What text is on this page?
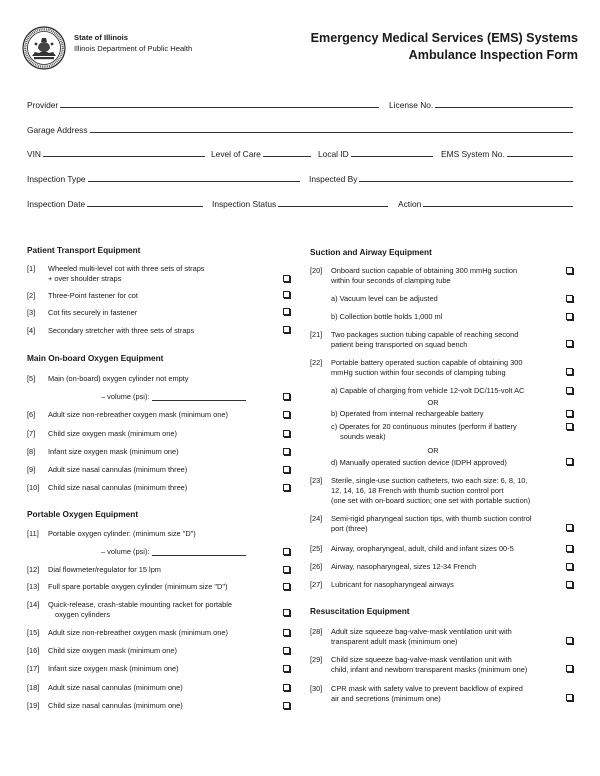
State of Illinois
Illinois Department of Public Health
Emergency Medical Services (EMS) Systems
Ambulance Inspection Form
Provider	License No.
Garage Address
VIN	Level of Care	Local ID	EMS System No.
Inspection Type	Inspected By
Inspection Date	Inspection Status	Action
Patient Transport Equipment
[1]	Wheeled multi-level cot with three sets of straps
+ over shoulder straps
[2]	Three-Point fastener for cot
[3]	Cot fits securely in fastener
[4]	Secondary stretcher with three sets of straps
Main On-board Oxygen Equipment
[5]	Main (on-board) oxygen cylinder not empty
– volume (psi):
[6]	Adult size non-rebreather oxygen mask (minimum one)
[7]	Child size oxygen mask (minimum one)
[8]	Infant size oxygen mask (minimum one)
[9]	Adult size nasal cannulas (minimum three)
[10]	Child size nasal cannulas (minimum three)
Portable Oxygen Equipment
[11]	Portable oxygen cylinder: (minimum size "D")
– volume (psi):
[12]	Dial flowmeter/regulator for 15 lpm
[13]	Full spare portable oxygen cylinder (minimum size "D")
[14]	Quick-release, crash-stable mounting racket for portable
oxygen cylinders
[15]	Adult size non-rebreather oxygen mask (minimum one)
[16]	Child size oxygen mask (minimum one)
[17]	Infant size oxygen mask (minimum one)
[18]	Adult size nasal cannulas (minimum one)
[19]	Child size nasal cannulas (minimum one)
Suction and Airway Equipment
[20]	Onboard suction capable of obtaining 300 mmHg suction
within four seconds of clamping tube
a) Vacuum level can be adjusted
b) Collection bottle holds 1,000 ml
[21]	Two packages suction tubing capable of reaching second
patient being transported on squad bench
[22]	Portable battery operated suction capable of obtaining 300
mmHg suction within four seconds of clamping tubing
a) Capable of charging from vehicle 12-volt DC/115-volt AC
OR
b) Operated from internal rechargeable battery
c) Operates for 20 continuous minutes (perform if battery
sounds weak)
OR
d) Manually operated suction device (IDPH approved)
[23]	Sterile, single-use suction catheters, two each size: 6, 8, 10,
12, 14, 16, 18 French with thumb suction control port
(one set with on-board suction; one set with portable suction)
[24]	Semi-rigid pharyngeal suction tips, with thumb suction control
port (three)
[25]	Airway, oropharyngeal, adult, child and infant sizes 00-5
[26]	Airway, nasopharyngeal, sizes 12-34 French
[27]	Lubricant for nasopharyngeal airways
Resuscitation Equipment
[28]	Adult size squeeze bag-valve-mask ventilation unit with
transparent adult mask (minimum one)
[29]	Child size squeeze bag-valve-mask ventilation unit with
child, infant and newborn transparent masks (minimum one)
[30]	CPR mask with safety valve to prevent backflow of expired
air and secretions (minimum one)
